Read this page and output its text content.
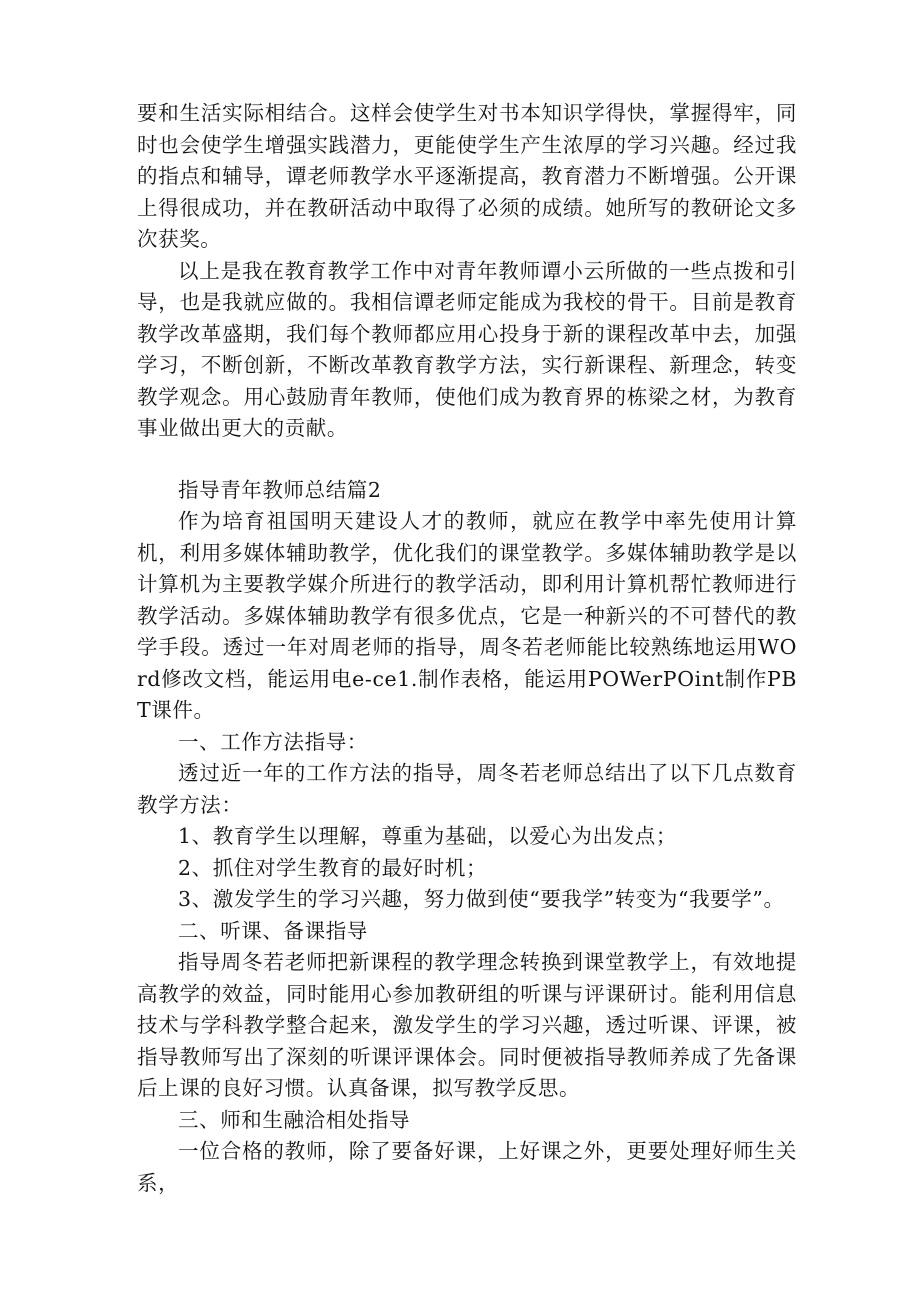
要和生活实际相结合。这样会使学生对书本知识学得快，掌握得牢，同时也会使学生增强实践潜力，更能使学生产生浓厚的学习兴趣。经过我的指点和辅导，谭老师教学水平逐渐提高，教育潜力不断增强。公开课上得很成功，并在教研活动中取得了必须的成绩。她所写的教研论文多次获奖。

以上是我在教育教学工作中对青年教师谭小云所做的一些点拨和引导，也是我就应做的。我相信谭老师定能成为我校的骨干。目前是教育教学改革盛期，我们每个教师都应用心投身于新的课程改革中去，加强学习，不断创新，不断改革教育教学方法，实行新课程、新理念，转变教学观念。用心鼓励青年教师，使他们成为教育界的栋梁之材，为教育事业做出更大的贡献。

指导青年教师总结篇2

作为培育祖国明天建设人才的教师，就应在教学中率先使用计算机，利用多媒体辅助教学，优化我们的课堂教学。多媒体辅助教学是以计算机为主要教学媒介所进行的教学活动，即利用计算机帮忙教师进行教学活动。多媒体辅助教学有很多优点，它是一种新兴的不可替代的教学手段。透过一年对周老师的指导，周冬若老师能比较熟练地运用WOrd修改文档，能运用电e-ce1.制作表格，能运用POWerPOint制作PBT课件。

一、工作方法指导：

透过近一年的工作方法的指导，周冬若老师总结出了以下几点数育教学方法：

1、教育学生以理解，尊重为基础，以爱心为出发点；

2、抓住对学生教育的最好时机；

3、激发学生的学习兴趣，努力做到使“要我学”转变为“我要学”。

二、听课、备课指导

指导周冬若老师把新课程的教学理念转换到课堂教学上，有效地提高教学的效益，同时能用心参加教研组的听课与评课研讨。能利用信息技术与学科教学整合起来，激发学生的学习兴趣，透过听课、评课，被指导教师写出了深刻的听课评课体会。同时便被指导教师养成了先备课后上课的良好习惯。认真备课，拟写教学反思。

三、师和生融洽相处指导

一位合格的教师，除了要备好课，上好课之外，更要处理好师生关系，
